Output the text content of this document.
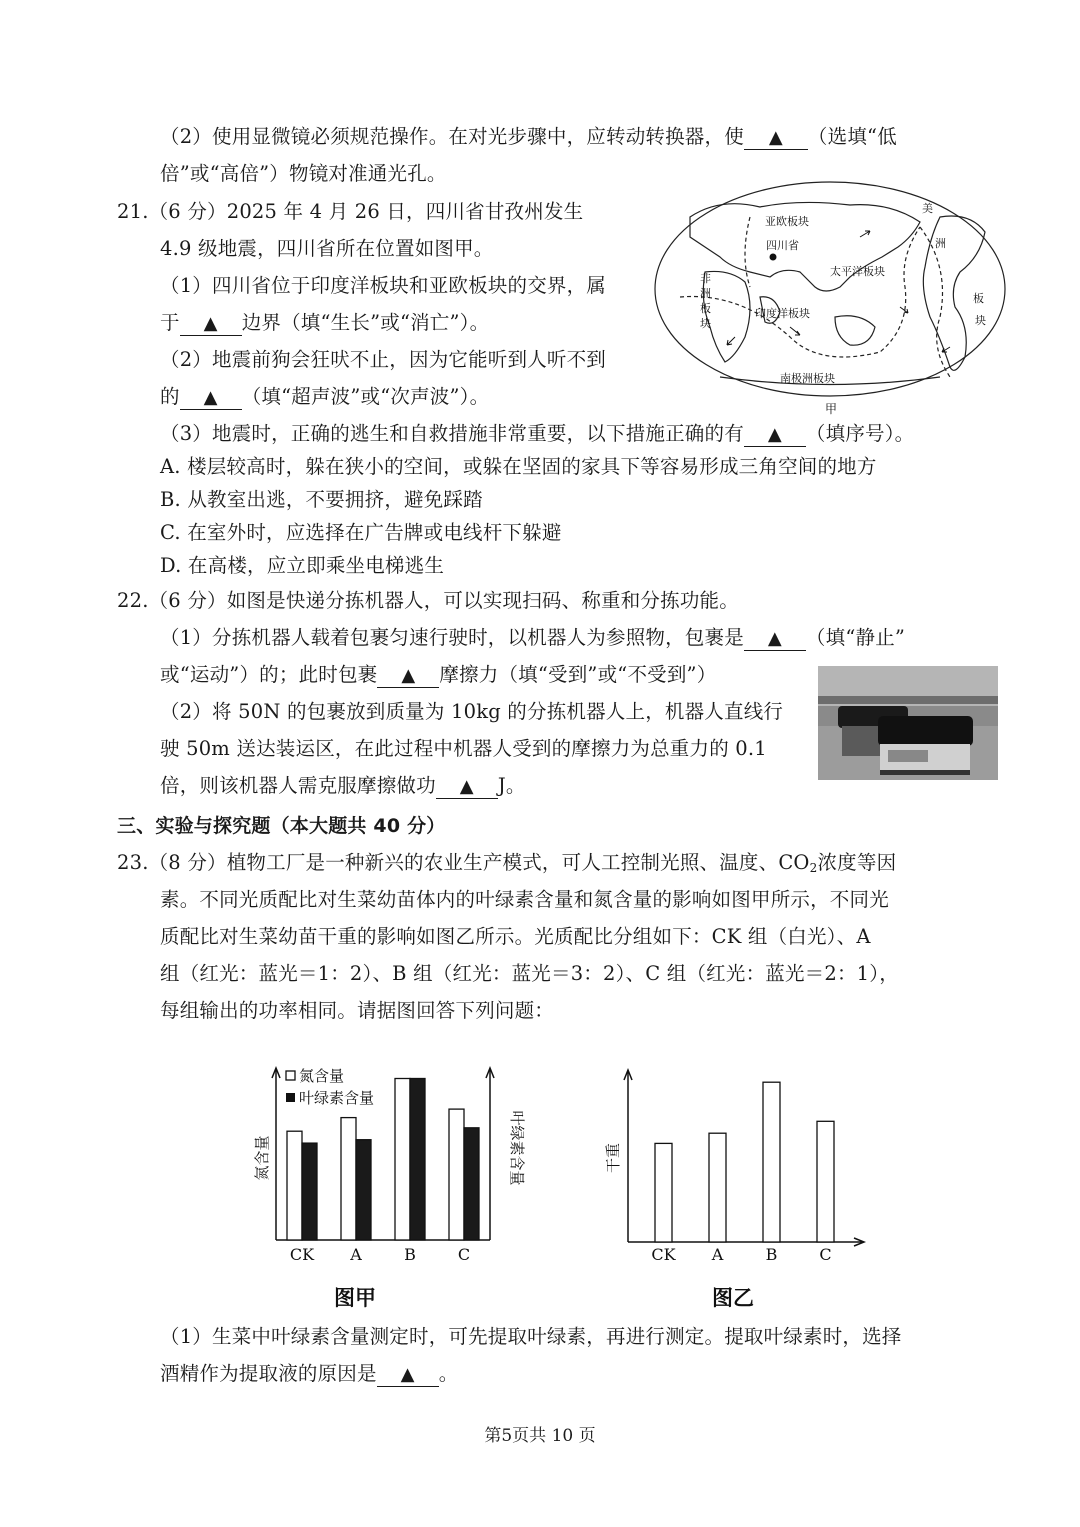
（2）使用显微镜必须规范操作。在对光步骤中，应转动转换器，使 ▲	（选填“低
倍”或“高倍”）物镜对准通光孔。
21.（6 分）2025 年 4 月 26 日，四川省甘孜州发生
4.9 级地震，四川省所在位置如图甲。
（1）四川省位于印度洋板块和亚欧板块的交界，属
于 ▲	边界（填“生长”或“消亡”）。
（2）地震前狗会狂吠不止，因为它能听到人听不到
的 ▲	（填“超声波”或“次声波”）。
（3）地震时，正确的逃生和自救措施非常重要，以下措施正确的有 ▲	（填序号）。
A. 楼层较高时，躲在狭小的空间，或躲在坚固的家具下等容易形成三角空间的地方
B. 从教室出逃，不要拥挤，避免踩踏
C. 在室外时，应选择在广告牌或电线杆下躲避
D. 在高楼，应立即乘坐电梯逃生
亚欧板块
四川省
太平洋板块
非
洲
板
块
印度洋板块
南极洲板块
美
洲
板
块
甲
22.（6 分）如图是快递分拣机器人，可以实现扫码、称重和分拣功能。
（1）分拣机器人载着包裹匀速行驶时，以机器人为参照物，包裹是 ▲	（填“静止”
或“运动”）的；此时包裹 ▲	摩擦力（填“受到”或“不受到”）
（2）将 50N 的包裹放到质量为 10kg 的分拣机器人上，机器人直线行
驶 50m 送达装运区，在此过程中机器人受到的摩擦力为总重力的 0.1
倍，则该机器人需克服摩擦做功 ▲	J。
三、实验与探究题（本大题共 40 分）
23.（8 分）植物工厂是一种新兴的农业生产模式，可人工控制光照、温度、$CO_2$浓度等因
素。不同光质配比对生菜幼苗体内的叶绿素含量和氮含量的影响如图甲所示，不同光
质配比对生菜幼苗干重的影响如图乙所示。光质配比分组如下：CK 组（白光）、A
组（红光：蓝光＝1：2）、B 组（红光：蓝光＝3：2）、C 组（红光：蓝光＝2：1），
每组输出的功率相同。请据图回答下列问题：
氮含量
叶绿素含量
氮含量	叶绿素含量
CK A	B	C
图甲
干重
CK A	B	C
图乙
（1）生菜中叶绿素含量测定时，可先提取叶绿素，再进行测定。提取叶绿素时，选择
酒精作为提取液的原因是 ▲	。
第5页共 10 页
